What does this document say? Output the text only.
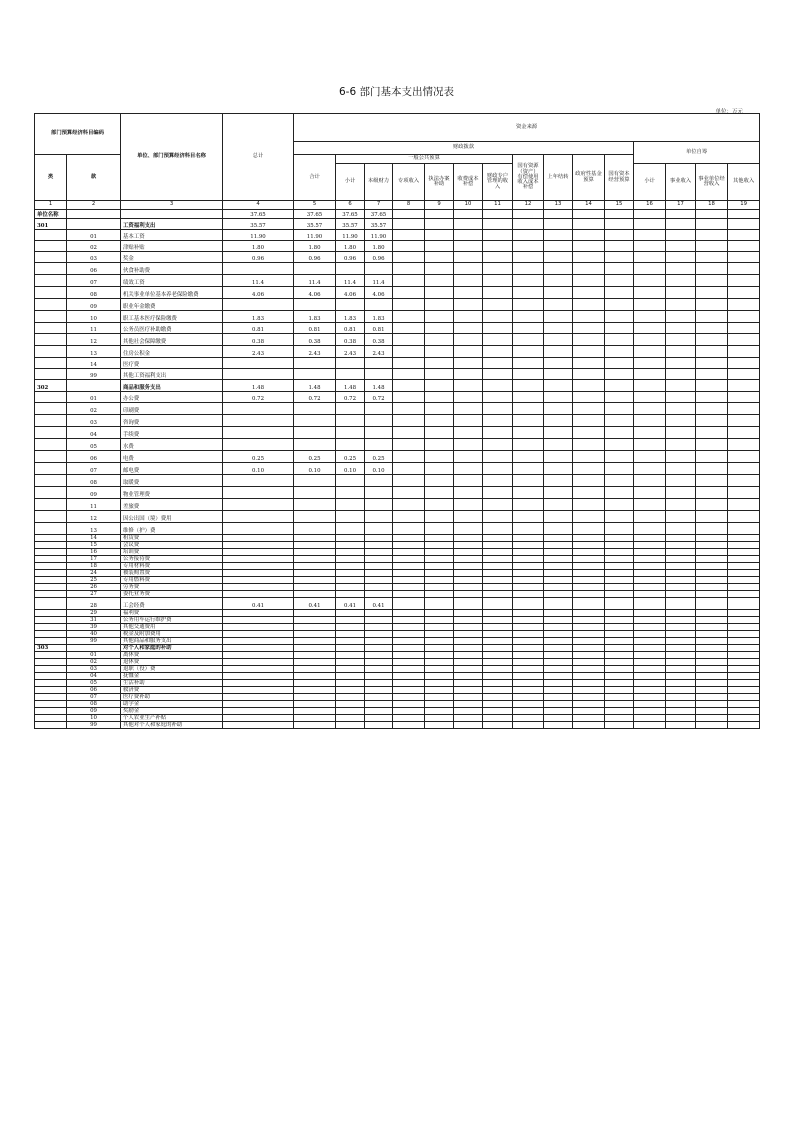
6-6 部门基本支出情况表
单位：万元
部门预算经济科目编码		单位、部门预算经济科目名称	总计	资金来源														
				财政拨款											单位自筹			
类	款			合计	一般公共预算						国有资源（资产）有偿使用收入成本补偿	上年结转	政府性基金预算	国有资本经营预算				
					小计	本级财力	专项收入	执法办案补助	收费成本补偿	财政专户管理的收入					小计	事业收入	事业单位经营收入	其他收入
1	2	3	4	5	6	7	8	9	10	11	12	13	14	15	16	17	18	19
单位名称			37.65	37.65	37.65	37.65												
301		工资福利支出	35.57	35.57	35.57	35.57												
	01	基本工资	11.90	11.90	11.90	11.90												
	02	津贴补贴	1.80	1.80	1.80	1.80												
	03	奖金	0.96	0.96	0.96	0.96												
	06	伙食补助费																
	07	绩效工资	11.4	11.4	11.4	11.4												
	08	机关事业单位基本养老保险缴费	4.06	4.06	4.06	4.06												
	09	职业年金缴费																
	10	职工基本医疗保险缴费	1.83	1.83	1.83	1.83												
	11	公务员医疗补助缴费	0.81	0.81	0.81	0.81												
	12	其他社会保障缴费	0.38	0.38	0.38	0.38												
	13	住房公积金	2.43	2.43	2.43	2.43												
	14	医疗费																
	99	其他工资福利支出																
302		商品和服务支出	1.48	1.48	1.48	1.48												
	01	办公费	0.72	0.72	0.72	0.72												
	02	印刷费																
	03	咨询费																
	04	手续费																
	05	水费																
	06	电费	0.25	0.25	0.25	0.25												
	07	邮电费	0.10	0.10	0.10	0.10												
	08	取暖费																
	09	物业管理费																
	11	差旅费																
	12	因公出国（境）费用																
	13	维修（护）费																
	14	租赁费																
	15	会议费																
	16	培训费																
	17	公务接待费																
	18	专用材料费																
	24	被装购置费																
	25	专用燃料费																
	26	劳务费																
	27	委托业务费																
	28	工会经费	0.41	0.41	0.41	0.41												
	29	福利费																
	31	公务用车运行维护费																
	39	其他交通费用																
	40	税金及附加费用																
	99	其他商品和服务支出																
303		对个人和家庭的补助																
	01	离休费																
	02	退休费																
	03	退职（役）费																
	04	抚恤金																
	05	生活补助																
	06	救济费																
	07	医疗费补助																
	08	助学金																
	09	奖励金																
	10	个人农业生产补贴																
	99	其他对个人和家庭的补助																
